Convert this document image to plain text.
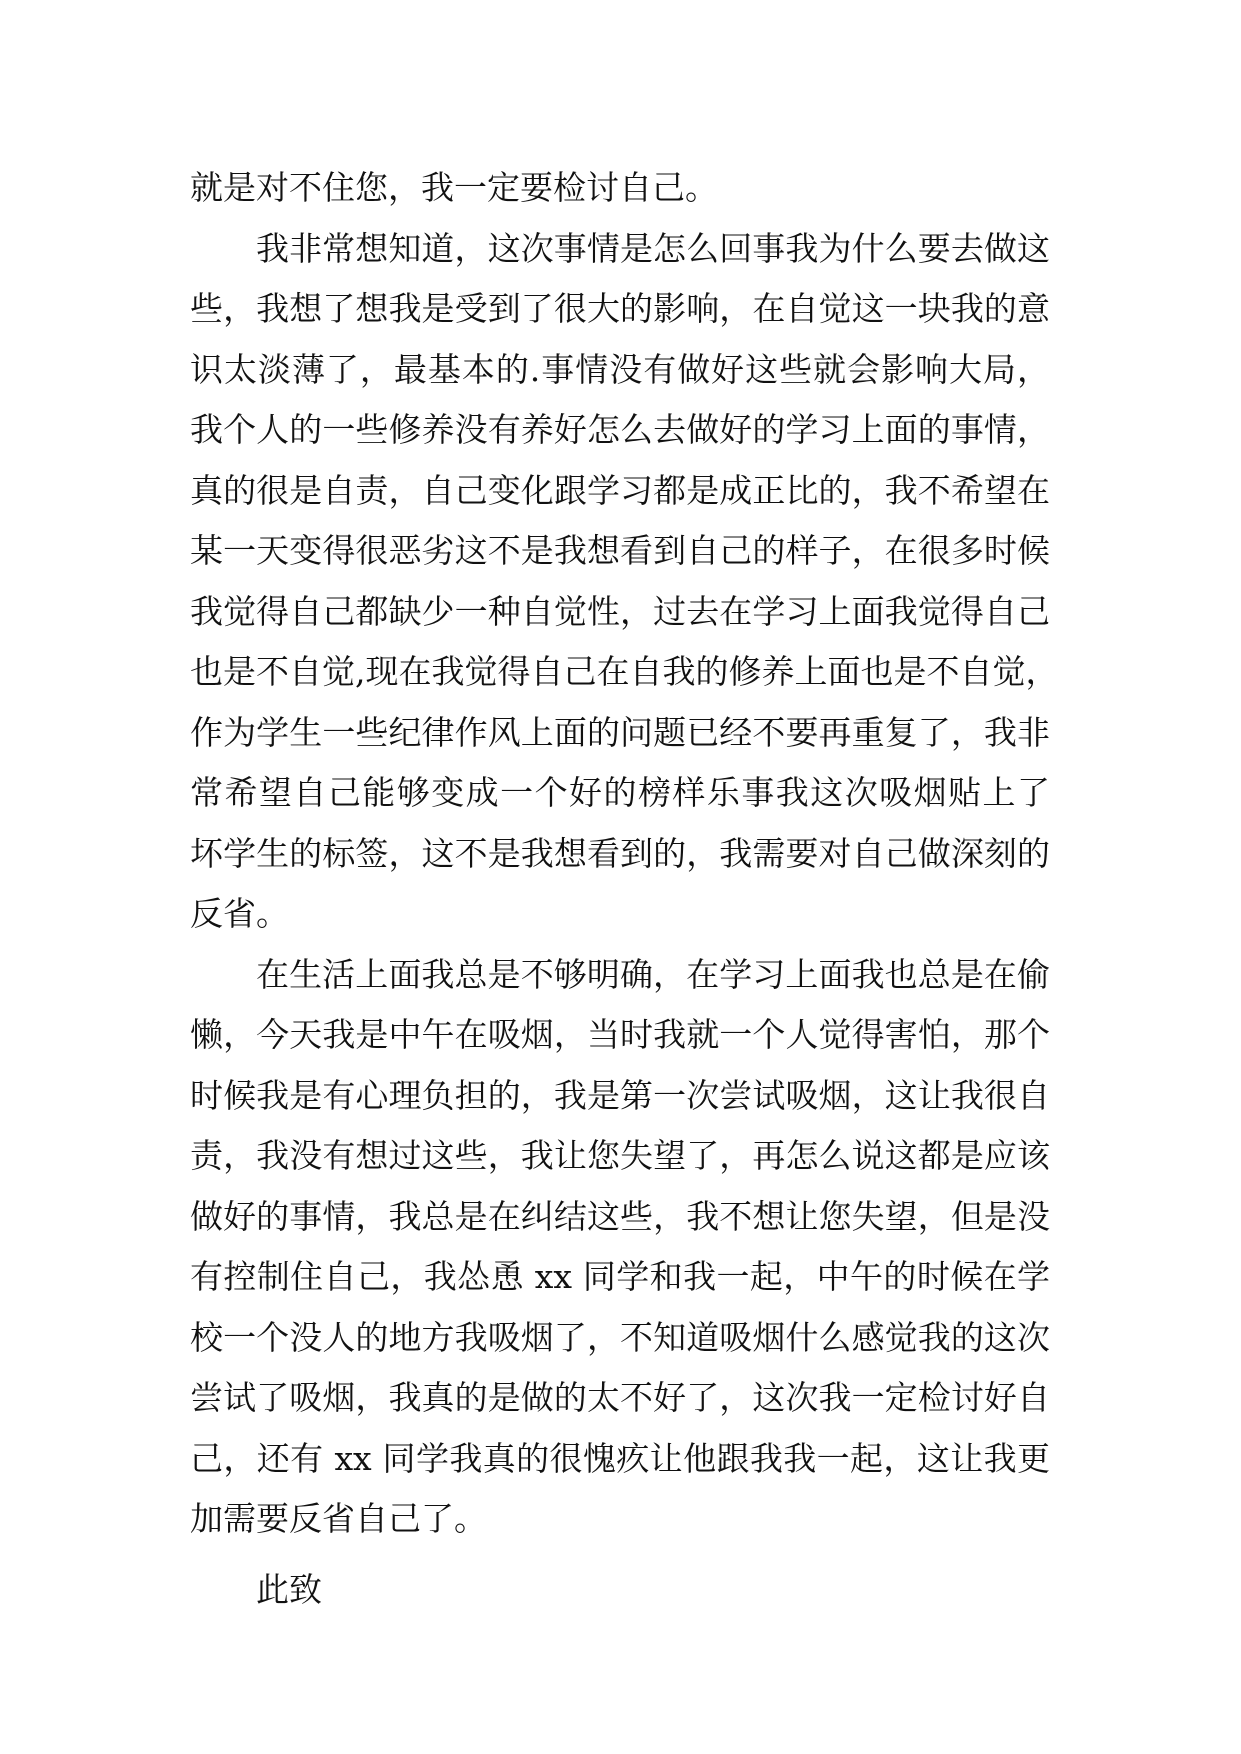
就是对不住您，我一定要检讨自己。
我非常想知道，这次事情是怎么回事我为什么要去做这
些，我想了想我是受到了很大的影响，在自觉这一块我的意
识太淡薄了，最基本的.事情没有做好这些就会影响大局，
我个人的一些修养没有养好怎么去做好的学习上面的事情，
真的很是自责，自己变化跟学习都是成正比的，我不希望在
某一天变得很恶劣这不是我想看到自己的样子，在很多时候
我觉得自己都缺少一种自觉性，过去在学习上面我觉得自己
也是不自觉,现在我觉得自己在自我的修养上面也是不自觉，
作为学生一些纪律作风上面的问题已经不要再重复了，我非
常希望自己能够变成一个好的榜样乐事我这次吸烟贴上了
坏学生的标签，这不是我想看到的，我需要对自己做深刻的
反省。
在生活上面我总是不够明确，在学习上面我也总是在偷
懒，今天我是中午在吸烟，当时我就一个人觉得害怕，那个
时候我是有心理负担的，我是第一次尝试吸烟，这让我很自
责，我没有想过这些，我让您失望了，再怎么说这都是应该
做好的事情，我总是在纠结这些，我不想让您失望，但是没
有控制住自己，我怂恿 xx 同学和我一起，中午的时候在学
校一个没人的地方我吸烟了，不知道吸烟什么感觉我的这次
尝试了吸烟，我真的是做的太不好了，这次我一定检讨好自
己，还有 xx 同学我真的很愧疚让他跟我我一起，这让我更
加需要反省自己了。
此致
